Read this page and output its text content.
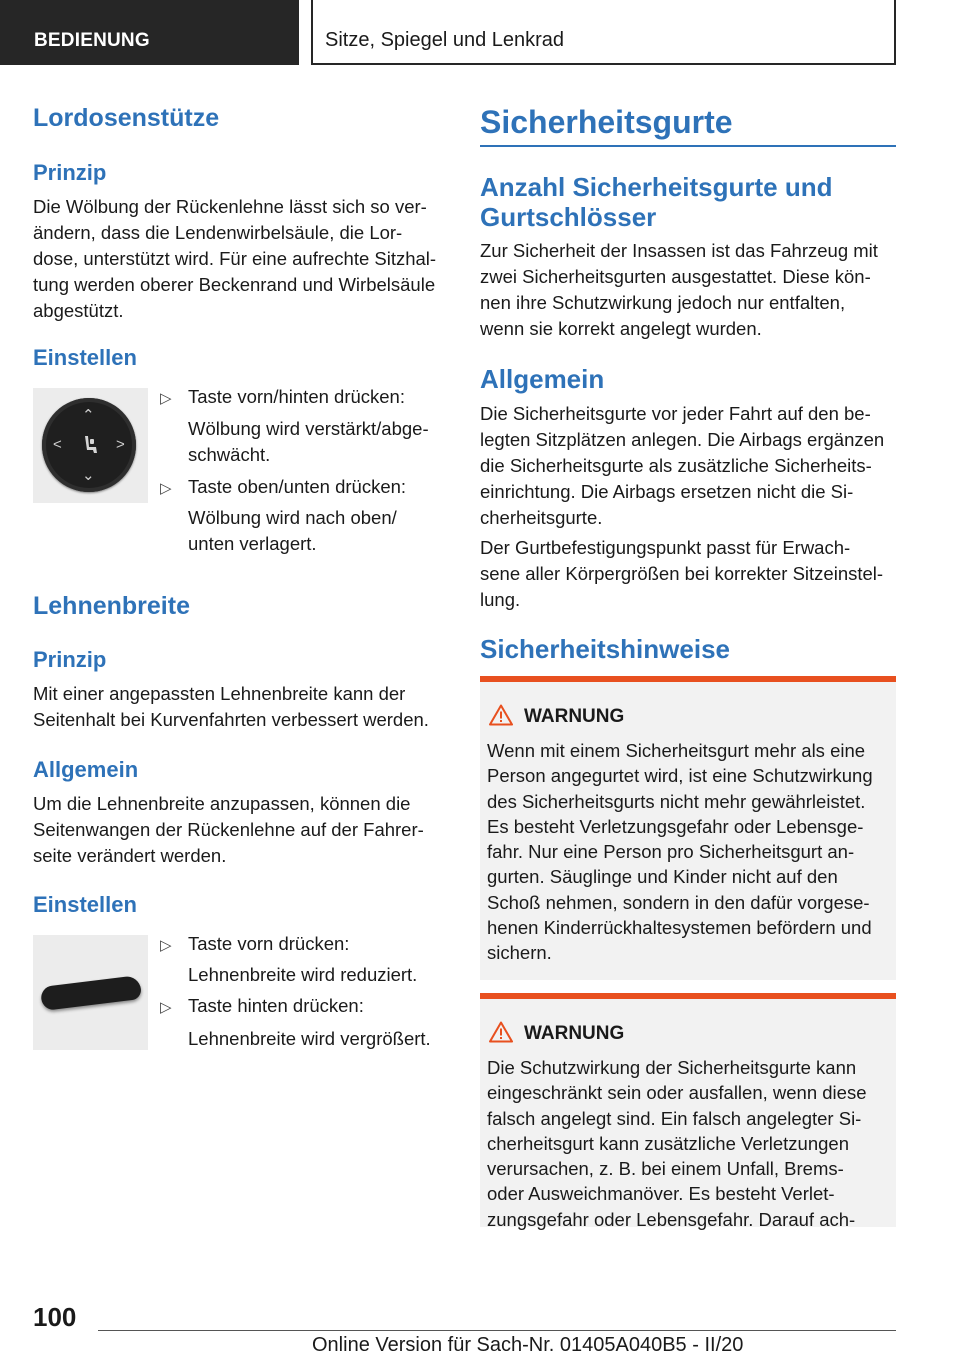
BEDIENUNG	Sitze, Spiegel und Lenkrad
Lordosenstütze
Prinzip
Die Wölbung der Rückenlehne lässt sich so ver-
ändern, dass die Lendenwirbelsäule, die Lor-
dose, unterstützt wird. Für eine aufrechte Sitzhal-
tung werden oberer Beckenrand und Wirbelsäule
abgestützt.
Einstellen
⌃
⌄
<	>
▷ Taste vorn/hinten drücken:
Wölbung wird verstärkt/abge-
schwächt.
▷ Taste oben/unten drücken:
Wölbung wird nach oben/
unten verlagert.
Lehnenbreite
Prinzip
Mit einer angepassten Lehnenbreite kann der
Seitenhalt bei Kurvenfahrten verbessert werden.
Allgemein
Um die Lehnenbreite anzupassen, können die
Seitenwangen der Rückenlehne auf der Fahrer-
seite verändert werden.
Einstellen
▷ Taste vorn drücken:
Lehnenbreite wird reduziert.
▷ Taste hinten drücken:
Lehnenbreite wird vergrößert.
Sicherheitsgurte
Anzahl Sicherheitsgurte und
Gurtschlösser
Zur Sicherheit der Insassen ist das Fahrzeug mit
zwei Sicherheitsgurten ausgestattet. Diese kön-
nen ihre Schutzwirkung jedoch nur entfalten,
wenn sie korrekt angelegt wurden.
Allgemein
Die Sicherheitsgurte vor jeder Fahrt auf den be-
legten Sitzplätzen anlegen. Die Airbags ergänzen
die Sicherheitsgurte als zusätzliche Sicherheits-
einrichtung. Die Airbags ersetzen nicht die Si-
cherheitsgurte.
Der Gurtbefestigungspunkt passt für Erwach-
sene aller Körpergrößen bei korrekter Sitzeinstel-
lung.
Sicherheitshinweise
WARNUNG
Wenn mit einem Sicherheitsgurt mehr als eine
Person angegurtet wird, ist eine Schutzwirkung
des Sicherheitsgurts nicht mehr gewährleistet.
Es besteht Verletzungsgefahr oder Lebensge-
fahr. Nur eine Person pro Sicherheitsgurt an-
gurten. Säuglinge und Kinder nicht auf den
Schoß nehmen, sondern in den dafür vorgese-
henen Kinderrückhaltesystemen befördern und
sichern.
WARNUNG
Die Schutzwirkung der Sicherheitsgurte kann
eingeschränkt sein oder ausfallen, wenn diese
falsch angelegt sind. Ein falsch angelegter Si-
cherheitsgurt kann zusätzliche Verletzungen
verursachen, z. B. bei einem Unfall, Brems-
oder Ausweichmanöver. Es besteht Verlet-
zungsgefahr oder Lebensgefahr. Darauf ach-
100
Online Version für Sach-Nr. 01405A040B5 - II/20
